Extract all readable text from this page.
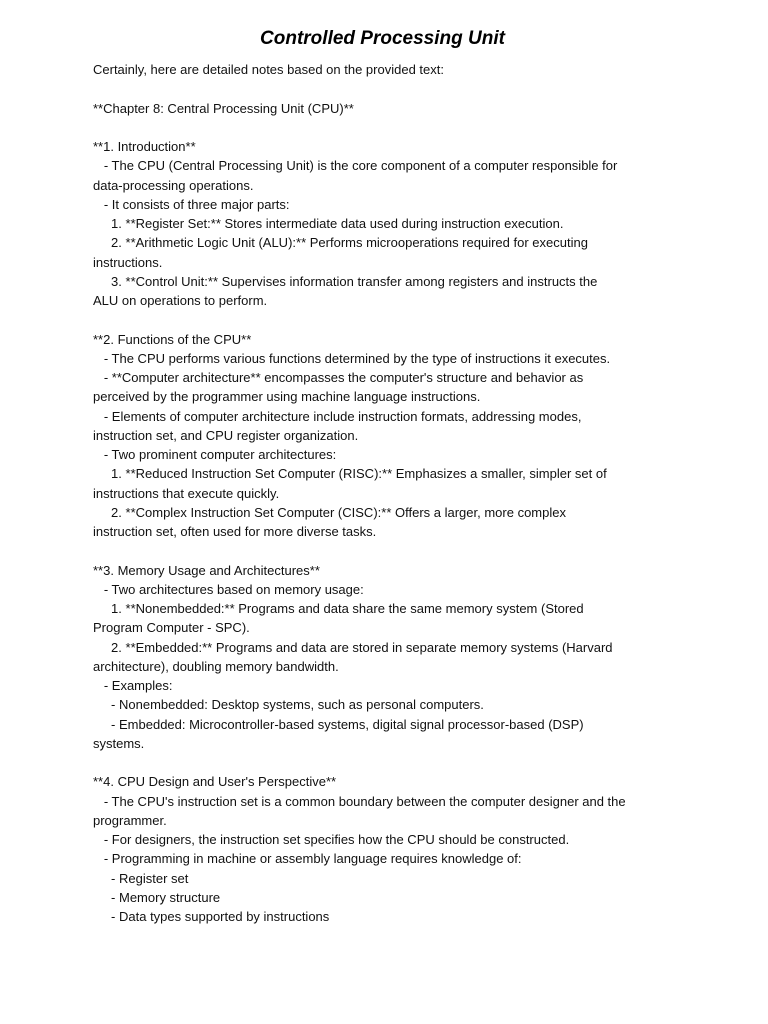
Controlled Processing Unit
Certainly, here are detailed notes based on the provided text:
**Chapter 8: Central Processing Unit (CPU)**
**1. Introduction**
- The CPU (Central Processing Unit) is the core component of a computer responsible for
data-processing operations.
- It consists of three major parts:
1. **Register Set:** Stores intermediate data used during instruction execution.
2. **Arithmetic Logic Unit (ALU):** Performs microoperations required for executing
instructions.
3. **Control Unit:** Supervises information transfer among registers and instructs the
ALU on operations to perform.
**2. Functions of the CPU**
- The CPU performs various functions determined by the type of instructions it executes.
- **Computer architecture** encompasses the computer's structure and behavior as
perceived by the programmer using machine language instructions.
- Elements of computer architecture include instruction formats, addressing modes,
instruction set, and CPU register organization.
- Two prominent computer architectures:
1. **Reduced Instruction Set Computer (RISC):** Emphasizes a smaller, simpler set of
instructions that execute quickly.
2. **Complex Instruction Set Computer (CISC):** Offers a larger, more complex
instruction set, often used for more diverse tasks.
**3. Memory Usage and Architectures**
- Two architectures based on memory usage:
1. **Nonembedded:** Programs and data share the same memory system (Stored
Program Computer - SPC).
2. **Embedded:** Programs and data are stored in separate memory systems (Harvard
architecture), doubling memory bandwidth.
- Examples:
- Nonembedded: Desktop systems, such as personal computers.
- Embedded: Microcontroller-based systems, digital signal processor-based (DSP)
systems.
**4. CPU Design and User's Perspective**
- The CPU's instruction set is a common boundary between the computer designer and the
programmer.
- For designers, the instruction set specifies how the CPU should be constructed.
- Programming in machine or assembly language requires knowledge of:
- Register set
- Memory structure
- Data types supported by instructions
